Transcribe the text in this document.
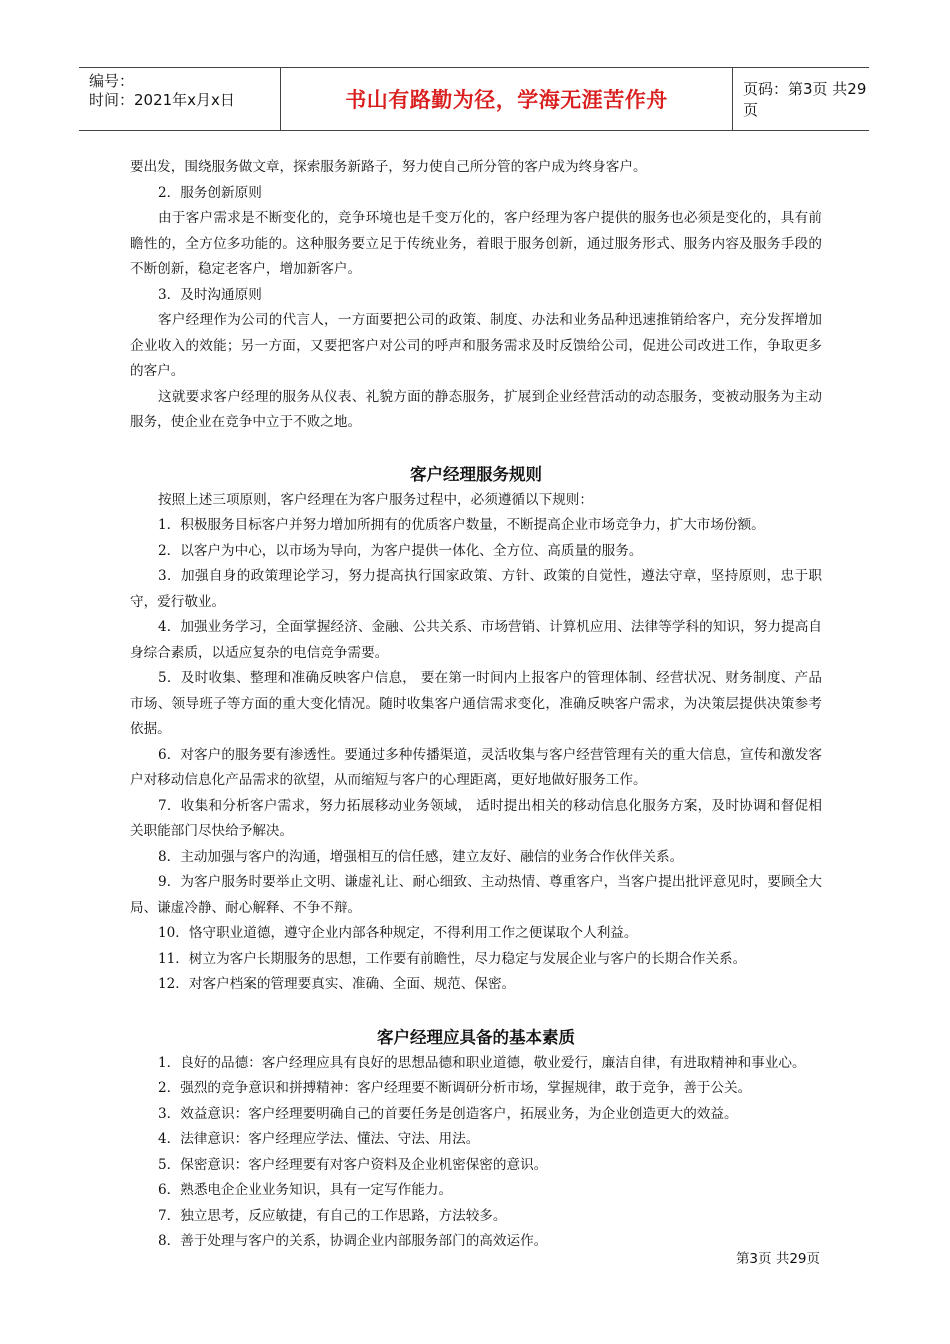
编号：
时间：2021年x月x日	书山有路勤为径，学海无涯苦作舟	页码：第3页 共29页

要出发，围绕服务做文章，探索服务新路子，努力使自己所分管的客户成为终身客户。

2．服务创新原则

由于客户需求是不断变化的，竞争环境也是千变万化的，客户经理为客户提供的服务也必须是变化的，具有前瞻性的，全方位多功能的。这种服务要立足于传统业务，着眼于服务创新，通过服务形式、服务内容及服务手段的不断创新，稳定老客户，增加新客户。

3．及时沟通原则

客户经理作为公司的代言人，一方面要把公司的政策、制度、办法和业务品种迅速推销给客户，充分发挥增加企业收入的效能；另一方面，又要把客户对公司的呼声和服务需求及时反馈给公司，促进公司改进工作，争取更多的客户。

这就要求客户经理的服务从仪表、礼貌方面的静态服务，扩展到企业经营活动的动态服务，变被动服务为主动服务，使企业在竞争中立于不败之地。

客户经理服务规则

按照上述三项原则，客户经理在为客户服务过程中，必须遵循以下规则：

1．积极服务目标客户并努力增加所拥有的优质客户数量，不断提高企业市场竞争力，扩大市场份额。

2．以客户为中心，以市场为导向，为客户提供一体化、全方位、高质量的服务。

3．加强自身的政策理论学习，努力提高执行国家政策、方针、政策的自觉性，遵法守章，坚持原则，忠于职守，爱行敬业。

4．加强业务学习，全面掌握经济、金融、公共关系、市场营销、计算机应用、法律等学科的知识，努力提高自身综合素质，以适应复杂的电信竞争需要。

5．及时收集、整理和准确反映客户信息， 要在第一时间内上报客户的管理体制、经营状况、财务制度、产品市场、领导班子等方面的重大变化情况。随时收集客户通信需求变化，准确反映客户需求，为决策层提供决策参考依据。

6．对客户的服务要有渗透性。要通过多种传播渠道，灵活收集与客户经营管理有关的重大信息，宣传和激发客户对移动信息化产品需求的欲望，从而缩短与客户的心理距离，更好地做好服务工作。

7．收集和分析客户需求，努力拓展移动业务领域， 适时提出相关的移动信息化服务方案，及时协调和督促相关职能部门尽快给予解决。

8．主动加强与客户的沟通，增强相互的信任感，建立友好、融信的业务合作伙伴关系。

9．为客户服务时要举止文明、谦虚礼让、耐心细致、主动热情、尊重客户，当客户提出批评意见时，要顾全大局、谦虚冷静、耐心解释、不争不辩。

10．恪守职业道德，遵守企业内部各种规定，不得利用工作之便谋取个人利益。

11．树立为客户长期服务的思想，工作要有前瞻性，尽力稳定与发展企业与客户的长期合作关系。

12．对客户档案的管理要真实、准确、全面、规范、保密。

客户经理应具备的基本素质

1．良好的品德：客户经理应具有良好的思想品德和职业道德，敬业爱行，廉洁自律，有进取精神和事业心。

2．强烈的竞争意识和拼搏精神：客户经理要不断调研分析市场，掌握规律，敢于竞争，善于公关。

3．效益意识：客户经理要明确自己的首要任务是创造客户，拓展业务，为企业创造更大的效益。

4．法律意识：客户经理应学法、懂法、守法、用法。

5．保密意识：客户经理要有对客户资料及企业机密保密的意识。

6．熟悉电企企业业务知识，具有一定写作能力。

7．独立思考，反应敏捷，有自己的工作思路，方法较多。

8．善于处理与客户的关系，协调企业内部服务部门的高效运作。

第3页 共29页
